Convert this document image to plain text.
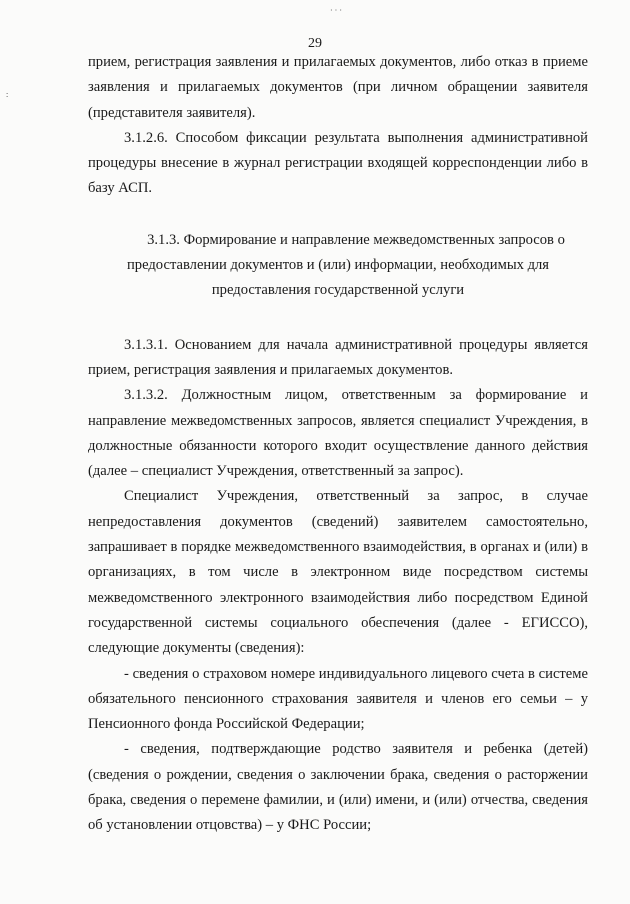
· · ·
:
29

прием, регистрация заявления и прилагаемых документов, либо отказ в приеме заявления и прилагаемых документов (при личном обращении заявителя (представителя заявителя).

3.1.2.6. Способом фиксации результата выполнения административной процедуры внесение в журнал регистрации входящей корреспонденции либо в базу АСП.

3.1.3. Формирование и направление межведомственных запросов о
предоставлении документов и (или) информации, необходимых для
предоставления государственной услуги

3.1.3.1. Основанием для начала административной процедуры является прием, регистрация заявления и прилагаемых документов.

3.1.3.2. Должностным лицом, ответственным за формирование и направление межведомственных запросов, является специалист Учреждения, в должностные обязанности которого входит осуществление данного действия (далее – специалист Учреждения, ответственный за запрос).

Специалист Учреждения, ответственный за запрос, в случае непредоставления документов (сведений) заявителем самостоятельно, запрашивает в порядке межведомственного взаимодействия, в органах и (или) в организациях, в том числе в электронном виде посредством системы межведомственного электронного взаимодействия либо посредством Единой государственной системы социального обеспечения (далее - ЕГИССО), следующие документы (сведения):

- сведения о страховом номере индивидуального лицевого счета в системе обязательного пенсионного страхования заявителя и членов его семьи – у Пенсионного фонда Российской Федерации;

- сведения, подтверждающие родство заявителя и ребенка (детей) (сведения о рождении, сведения о заключении брака, сведения о расторжении брака, сведения о перемене фамилии, и (или) имени, и (или) отчества, сведения об установлении отцовства) – у ФНС России;
